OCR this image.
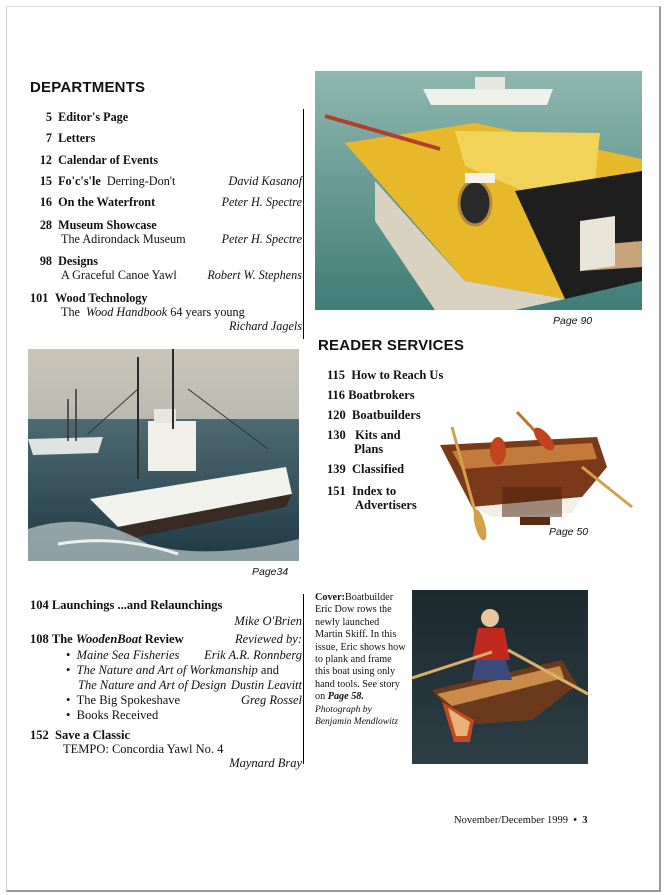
DEPARTMENTS
5 Editor's Page
7 Letters
12 Calendar of Events
15 Fo'c's'le Derring-Don't	David Kasanof
16 On the Waterfront	Peter H. Spectre
28 Museum Showcase
The Adirondack Museum	Peter H. Spectre
98 Designs
A Graceful Canoe Yawl	Robert W. Stephens
101 Wood Technology
The Wood Handbook 64 years young

Richard Jagels	Page 90
Page34
READER SERVICES
115 How to Reach Us
116 Boatbrokers
120 Boatbuilders
130 Kits and
Plans
139 Classified
151 Index to
Advertisers
Page 50
104 Launchings ...and Relaunchings
Mike O'Brien
108 The WoodenBoat Review	Reviewed by:
•  Maine Sea Fisheries Erik A.R. Ronnberg
•  The Nature and Art of Workmanship and
The Nature and Art of Design Dustin Leavitt
•  The Big Spokeshave	Greg Rossel
•  Books Received
152 Save a Classic
TEMPO: Concordia Yawl No. 4
Maynard Bray
Cover:Boatbuilder Eric Dow rows the newly launched Martin Skiff. In this issue, Eric shows how to plank and frame this boat using only hand tools. See story on Page 58.
Photograph by Benjamin Mendlowitz
November/December 1999 • 3
